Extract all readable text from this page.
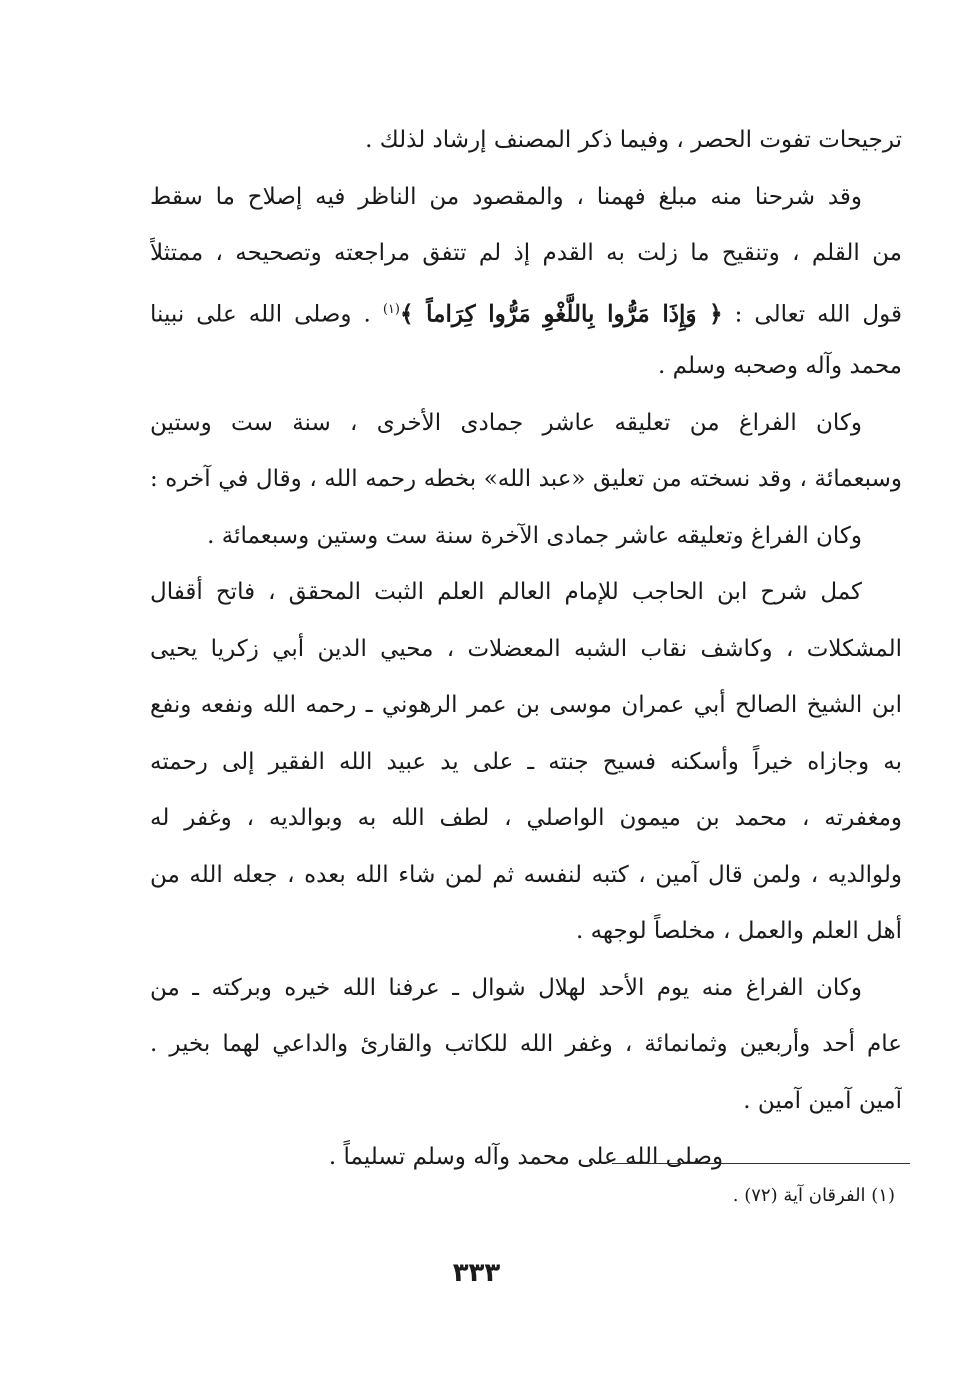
ترجيحات تفوت الحصر ، وفيما ذكر المصنف إرشاد لذلك .
وقد شرحنا منه مبلغ فهمنا ، والمقصود من الناظر فيه إصلاح ما سقط
من القلم ، وتنقيح ما زلت به القدم إذ لم تتفق مراجعته وتصحيحه ، ممتثلاً
قول الله تعالى : ﴿ وَإِذَا مَرُّوا بِاللَّغْوِ مَرُّوا كِرَاماً ﴾$^{(١)}$ . وصلى الله على نبينا
محمد وآله وصحبه وسلم .
وكان الفراغ من تعليقه عاشر جمادى الأخرى ، سنة ست وستين
وسبعمائة ، وقد نسخته من تعليق «عبد الله» بخطه رحمه الله ، وقال في آخره :
وكان الفراغ وتعليقه عاشر جمادى الآخرة سنة ست وستين وسبعمائة .
كمل شرح ابن الحاجب للإمام العالم العلم الثبت المحقق ، فاتح أقفال
المشكلات ، وكاشف نقاب الشبه المعضلات ، محيي الدين أبي زكريا يحيى
ابن الشيخ الصالح أبي عمران موسى بن عمر الرهوني ـ رحمه الله ونفعه ونفع
به وجازاه خيراً وأسكنه فسيح جنته ـ على يد عبيد الله الفقير إلى رحمته
ومغفرته ، محمد بن ميمون الواصلي ، لطف الله به وبوالديه ، وغفر له
ولوالديه ، ولمن قال آمين ، كتبه لنفسه ثم لمن شاء الله بعده ، جعله الله من
أهل العلم والعمل ، مخلصاً لوجهه .
وكان الفراغ منه يوم الأحد لهلال شوال ـ عرفنا الله خيره وبركته ـ من
عام أحد وأربعين وثمانمائة ، وغفر الله للكاتب والقارئ والداعي لهما بخير .
آمين آمين آمين .
وصلى الله على محمد وآله وسلم تسليماً .
(١) الفرقان آية (٧٢) .
٣٣٣
